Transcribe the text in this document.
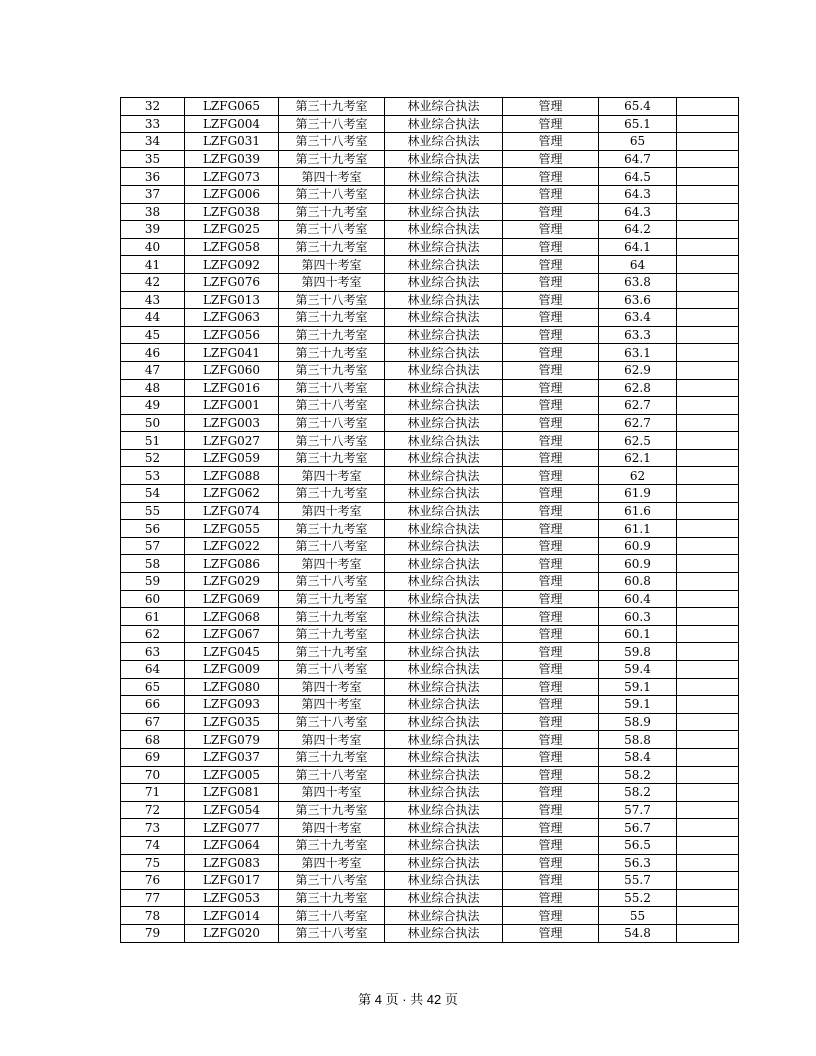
32	LZFG065	第三十九考室	林业综合执法	管理	65.4	
33	LZFG004	第三十八考室	林业综合执法	管理	65.1	
34	LZFG031	第三十八考室	林业综合执法	管理	65	
35	LZFG039	第三十九考室	林业综合执法	管理	64.7	
36	LZFG073	第四十考室	林业综合执法	管理	64.5	
37	LZFG006	第三十八考室	林业综合执法	管理	64.3	
38	LZFG038	第三十九考室	林业综合执法	管理	64.3	
39	LZFG025	第三十八考室	林业综合执法	管理	64.2	
40	LZFG058	第三十九考室	林业综合执法	管理	64.1	
41	LZFG092	第四十考室	林业综合执法	管理	64	
42	LZFG076	第四十考室	林业综合执法	管理	63.8	
43	LZFG013	第三十八考室	林业综合执法	管理	63.6	
44	LZFG063	第三十九考室	林业综合执法	管理	63.4	
45	LZFG056	第三十九考室	林业综合执法	管理	63.3	
46	LZFG041	第三十九考室	林业综合执法	管理	63.1	
47	LZFG060	第三十九考室	林业综合执法	管理	62.9	
48	LZFG016	第三十八考室	林业综合执法	管理	62.8	
49	LZFG001	第三十八考室	林业综合执法	管理	62.7	
50	LZFG003	第三十八考室	林业综合执法	管理	62.7	
51	LZFG027	第三十八考室	林业综合执法	管理	62.5	
52	LZFG059	第三十九考室	林业综合执法	管理	62.1	
53	LZFG088	第四十考室	林业综合执法	管理	62	
54	LZFG062	第三十九考室	林业综合执法	管理	61.9	
55	LZFG074	第四十考室	林业综合执法	管理	61.6	
56	LZFG055	第三十九考室	林业综合执法	管理	61.1	
57	LZFG022	第三十八考室	林业综合执法	管理	60.9	
58	LZFG086	第四十考室	林业综合执法	管理	60.9	
59	LZFG029	第三十八考室	林业综合执法	管理	60.8	
60	LZFG069	第三十九考室	林业综合执法	管理	60.4	
61	LZFG068	第三十九考室	林业综合执法	管理	60.3	
62	LZFG067	第三十九考室	林业综合执法	管理	60.1	
63	LZFG045	第三十九考室	林业综合执法	管理	59.8	
64	LZFG009	第三十八考室	林业综合执法	管理	59.4	
65	LZFG080	第四十考室	林业综合执法	管理	59.1	
66	LZFG093	第四十考室	林业综合执法	管理	59.1	
67	LZFG035	第三十八考室	林业综合执法	管理	58.9	
68	LZFG079	第四十考室	林业综合执法	管理	58.8	
69	LZFG037	第三十九考室	林业综合执法	管理	58.4	
70	LZFG005	第三十八考室	林业综合执法	管理	58.2	
71	LZFG081	第四十考室	林业综合执法	管理	58.2	
72	LZFG054	第三十九考室	林业综合执法	管理	57.7	
73	LZFG077	第四十考室	林业综合执法	管理	56.7	
74	LZFG064	第三十九考室	林业综合执法	管理	56.5	
75	LZFG083	第四十考室	林业综合执法	管理	56.3	
76	LZFG017	第三十八考室	林业综合执法	管理	55.7	
77	LZFG053	第三十九考室	林业综合执法	管理	55.2	
78	LZFG014	第三十八考室	林业综合执法	管理	55	
79	LZFG020	第三十八考室	林业综合执法	管理	54.8	
第 4 页 · 共 42 页
